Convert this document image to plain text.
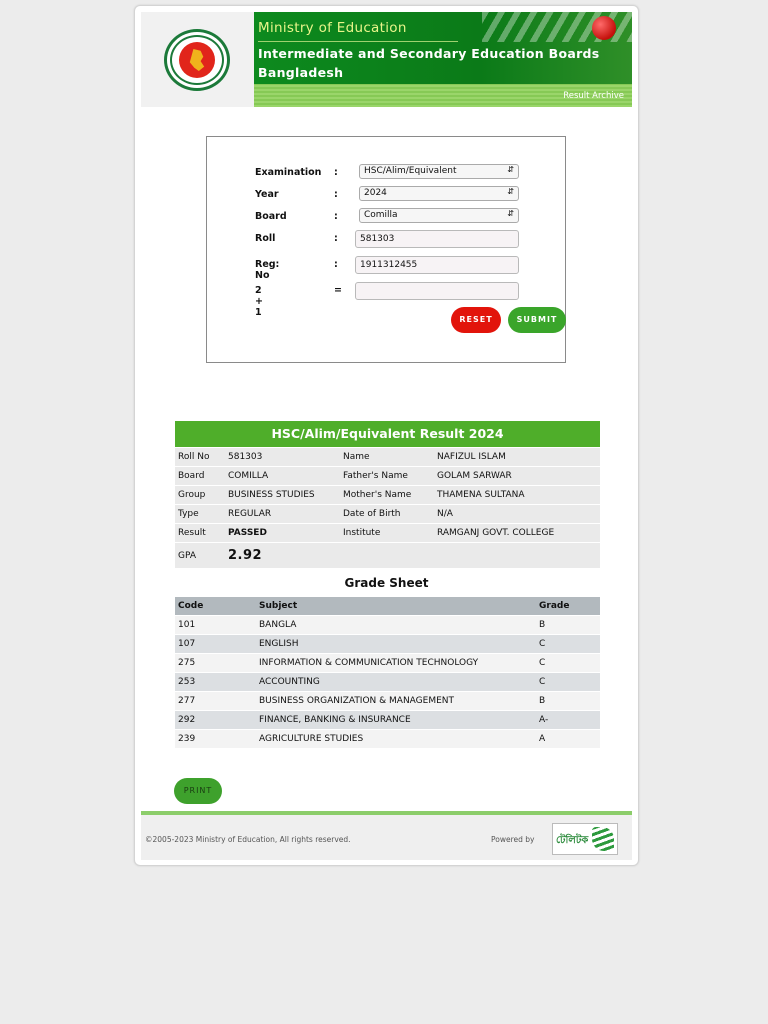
Ministry of Education
Intermediate and Secondary Education Boards
Bangladesh
Result Archive
Examination :	HSC/Alim/Equivalent	⇵
Year	:	2024	⇵
Board	:	Comilla	⇵
Roll	:	581303
Reg: No
:	1911312455
2 + 1
=
RESET	SUBMIT
HSC/Alim/Equivalent Result 2024
Roll No	581303	Name	NAFIZUL ISLAM
Board	COMILLA	Father's Name	GOLAM SARWAR
Group	BUSINESS STUDIES	Mother's Name	THAMENA SULTANA
Type	REGULAR	Date of Birth	N/A
Result	PASSED	Institute	RAMGANJ GOVT. COLLEGE
GPA	2.92		
Grade Sheet
Code	Subject	Grade
101	BANGLA	B
107	ENGLISH	C
275	INFORMATION & COMMUNICATION TECHNOLOGY	C
253	ACCOUNTING	C
277	BUSINESS ORGANIZATION & MANAGEMENT	B
292	FINANCE, BANKING & INSURANCE	A-
239	AGRICULTURE STUDIES	A
PRINT
©2005-2023 Ministry of Education, All rights reserved.	Powered by টেলিটক
